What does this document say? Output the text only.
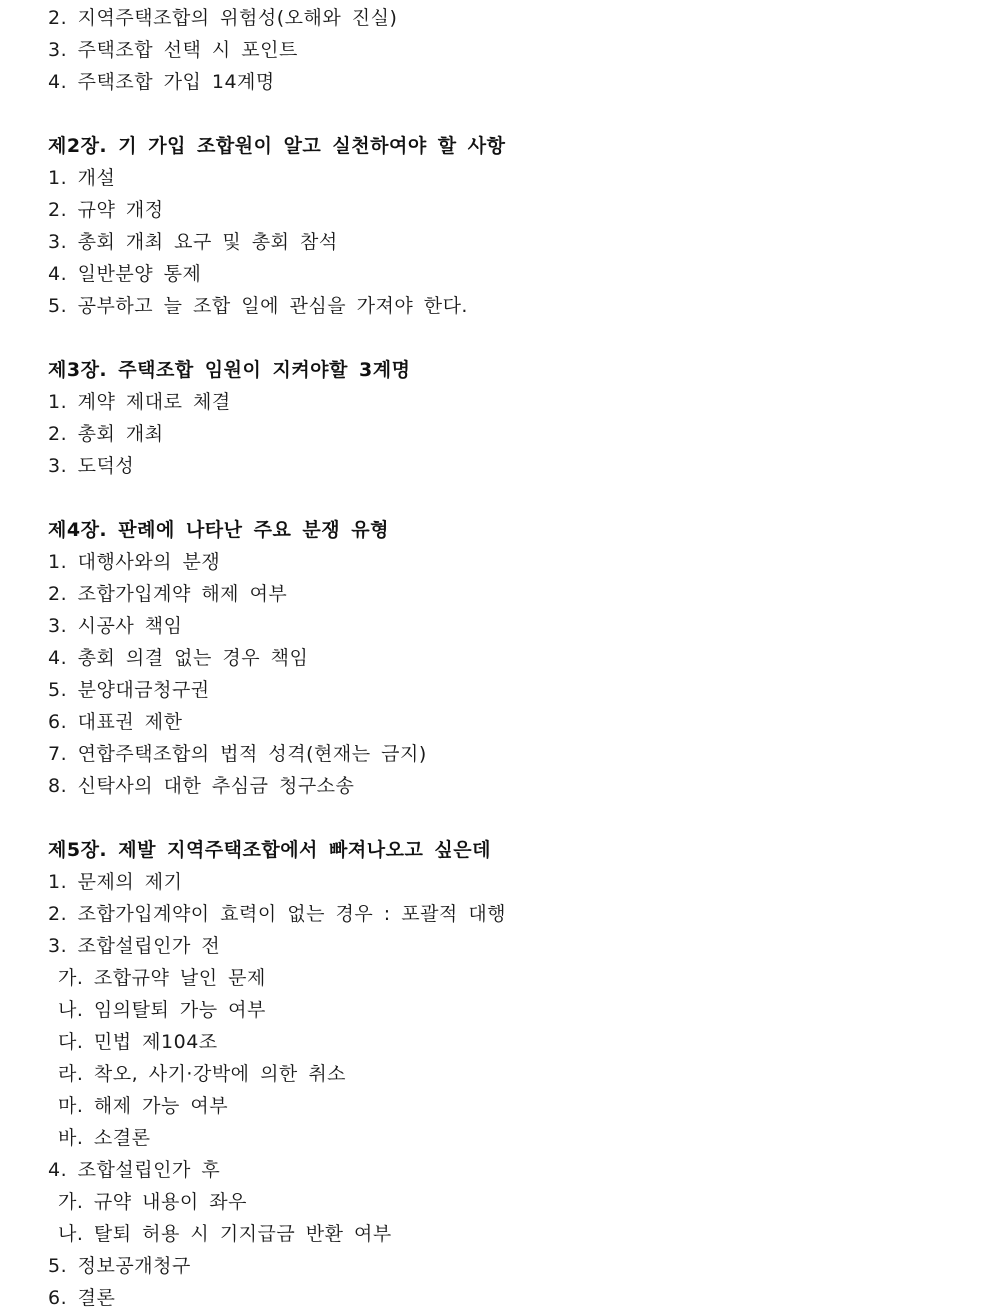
2. 지역주택조합의 위험성(오해와 진실)
3. 주택조합 선택 시 포인트
4. 주택조합 가입 14계명
제2장. 기 가입 조합원이 알고 실천하여야 할 사항
1. 개설
2. 규약 개정
3. 총회 개최 요구 및 총회 참석
4. 일반분양 통제
5. 공부하고 늘 조합 일에 관심을 가져야 한다.
제3장. 주택조합 임원이 지켜야할 3계명
1. 계약 제대로 체결
2. 총회 개최
3. 도덕성
제4장. 판례에 나타난 주요 분쟁 유형
1. 대행사와의 분쟁
2. 조합가입계약 해제 여부
3. 시공사 책임
4. 총회 의결 없는 경우 책임
5. 분양대금청구권
6. 대표권 제한
7. 연합주택조합의 법적 성격(현재는 금지)
8. 신탁사의 대한 추심금 청구소송
제5장. 제발 지역주택조합에서 빠져나오고 싶은데
1. 문제의 제기
2. 조합가입계약이 효력이 없는 경우 : 포괄적 대행
3. 조합설립인가 전
가. 조합규약 날인 문제
나. 임의탈퇴 가능 여부
다. 민법 제104조
라. 착오, 사기·강박에 의한 취소
마. 해제 가능 여부
바. 소결론
4. 조합설립인가 후
가. 규약 내용이 좌우
나. 탈퇴 허용 시 기지급금 반환 여부
5. 정보공개청구
6. 결론
